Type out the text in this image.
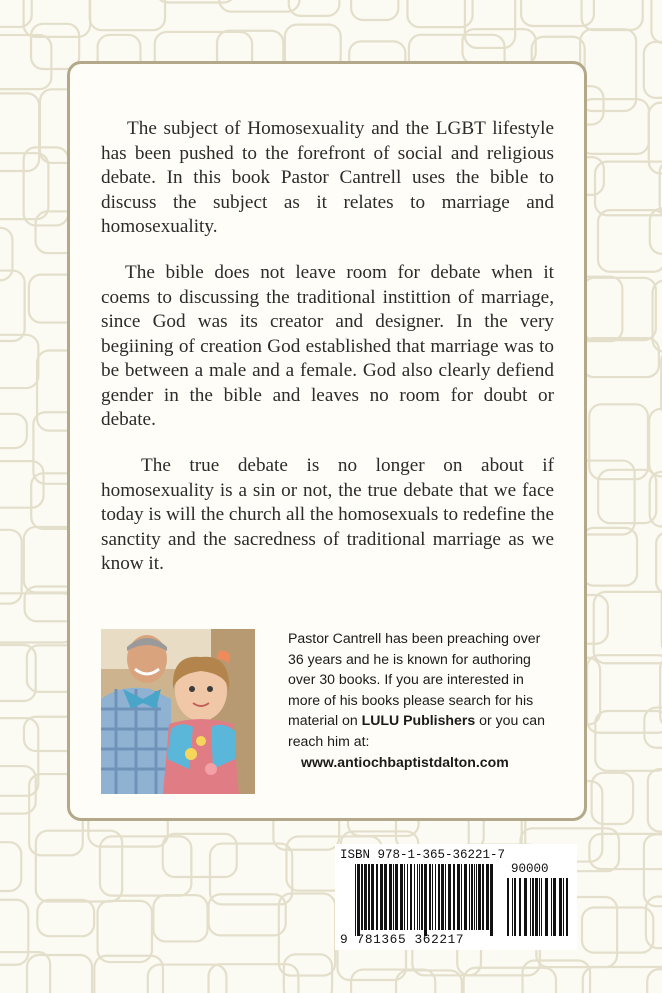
The subject of Homosexuality and the LGBT lifestyle has been pushed to the forefront of social and religious debate. In this book Pastor Cantrell uses the bible to discuss the subject as it relates to marriage and homosexuality.

The bible does not leave room for debate when it coems to discussing the traditional instittion of marriage, since God was its creator and designer. In the very begiining of creation God established that marriage was to be between a male and a female. God also clearly defiend gender in the bible and leaves no room for doubt or debate.

The true debate is no longer on about if homosexuality is a sin or not, the true debate that we face today is will the church all the homosexuals to redefine the sanctity and the sacredness of traditional marriage as we know it.

Pastor Cantrell has been preaching over 36 years and he is known for authoring over 30 books. If you are interested in more of his books please search for his material on LULU Publishers or you can reach him at:

www.antiochbaptistdalton.com

ISBN 978-1-365-36221-7

90000

9 781365 362217
